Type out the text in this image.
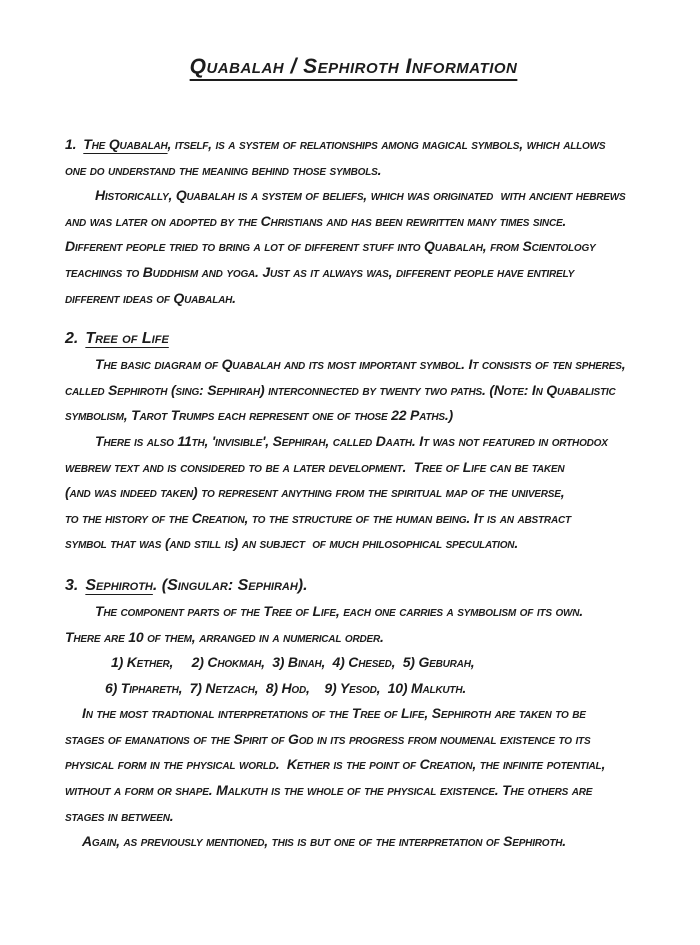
Quabalah / Sephiroth Information
1. The Quabalah, itself, is a system of relationships among magical symbols, which allows
one do understand the meaning behind those symbols.
Historically, Quabalah is a system of beliefs, which was originated  with ancient hebrews
and was later on adopted by the Christians and has been rewritten many times since.
Different people tried to bring a lot of different stuff into Quabalah, from Scientology
teachings to Buddhism and yoga. Just as it always was, different people have entirely
different ideas of Quabalah.
2. Tree of Life
The basic diagram of Quabalah and its most important symbol. It consists of ten spheres,
called Sephiroth (sing: Sephirah) interconnected by twenty two paths. (Note: In Quabalistic
symbolism, Tarot Trumps each represent one of those 22 Paths.)
There is also 11th, 'invisible', Sephirah, called Daath. It was not featured in orthodox
webrew text and is considered to be a later development.  Tree of Life can be taken
(and was indeed taken) to represent anything from the spiritual map of the universe,
to the history of the Creation, to the structure of the human being. It is an abstract
symbol that was (and still is) an subject  of much philosophical speculation.
3. Sephiroth. (Singular: Sephirah).
The component parts of the Tree of Life, each one carries a symbolism of its own.
There are 10 of them, arranged in a numerical order.
1) Kether,     2) Chokmah,  3) Binah,  4) Chesed,  5) Geburah,
6) Tiphareth,  7) Netzach,  8) Hod,    9) Yesod,  10) Malkuth.
In the most tradtional interpretations of the Tree of Life, Sephiroth are taken to be
stages of emanations of the Spirit of God in its progress from noumenal existence to its
physical form in the physical world.  Kether is the point of Creation, the infinite potential,
without a form or shape. Malkuth is the whole of the physical existence. The others are
stages in between.
Again, as previously mentioned, this is but one of the interpretation of Sephiroth.
